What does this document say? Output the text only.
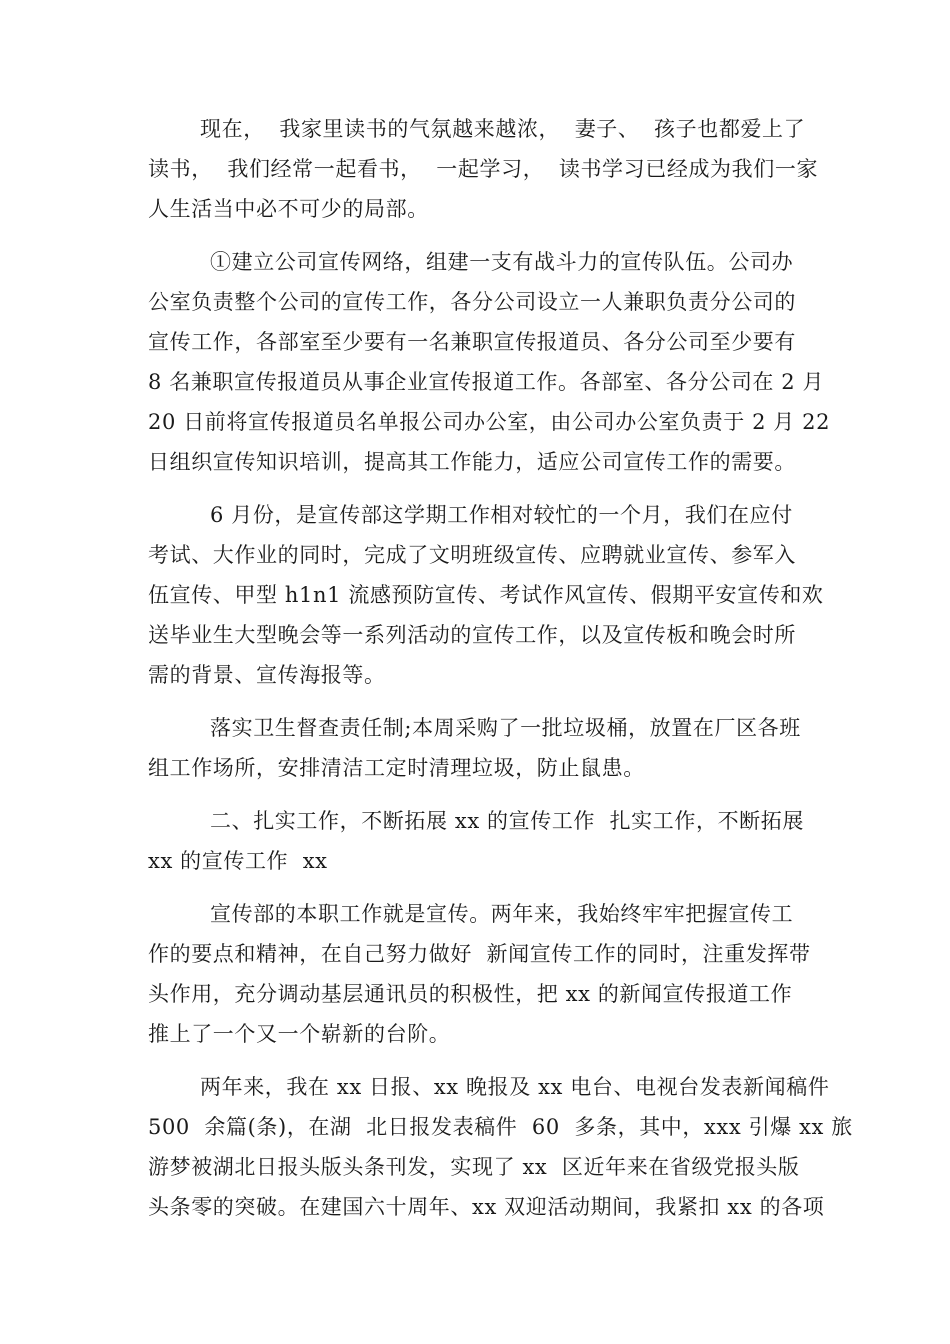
现在，  我家里读书的气氛越来越浓，  妻子、  孩子也都爱上了
读书，  我们经常一起看书，  一起学习，  读书学习已经成为我们一家
人生活当中必不可少的局部。
①建立公司宣传网络，组建一支有战斗力的宣传队伍。公司办
公室负责整个公司的宣传工作，各分公司设立一人兼职负责分公司的
宣传工作，各部室至少要有一名兼职宣传报道员、各分公司至少要有
8 名兼职宣传报道员从事企业宣传报道工作。各部室、各分公司在 2 月
20 日前将宣传报道员名单报公司办公室，由公司办公室负责于 2 月 22
日组织宣传知识培训，提高其工作能力，适应公司宣传工作的需要。
6 月份，是宣传部这学期工作相对较忙的一个月，我们在应付
考试、大作业的同时，完成了文明班级宣传、应聘就业宣传、参军入
伍宣传、甲型 h1n1 流感预防宣传、考试作风宣传、假期平安宣传和欢
送毕业生大型晚会等一系列活动的宣传工作，以及宣传板和晚会时所
需的背景、宣传海报等。
落实卫生督查责任制;本周采购了一批垃圾桶，放置在厂区各班
组工作场所，安排清洁工定时清理垃圾，防止鼠患。
二、扎实工作，不断拓展 xx 的宣传工作  扎实工作，不断拓展
xx 的宣传工作  xx
宣传部的本职工作就是宣传。两年来，我始终牢牢把握宣传工
作的要点和精神，在自己努力做好  新闻宣传工作的同时，注重发挥带
头作用，充分调动基层通讯员的积极性，把 xx 的新闻宣传报道工作
推上了一个又一个崭新的台阶。
两年来，我在 xx 日报、xx 晚报及 xx 电台、电视台发表新闻稿件
500  余篇(条)，在湖  北日报发表稿件  60  多条，其中，xxx 引爆 xx 旅
游梦被湖北日报头版头条刊发，实现了 xx  区近年来在省级党报头版
头条零的突破。在建国六十周年、xx 双迎活动期间，我紧扣 xx 的各项
